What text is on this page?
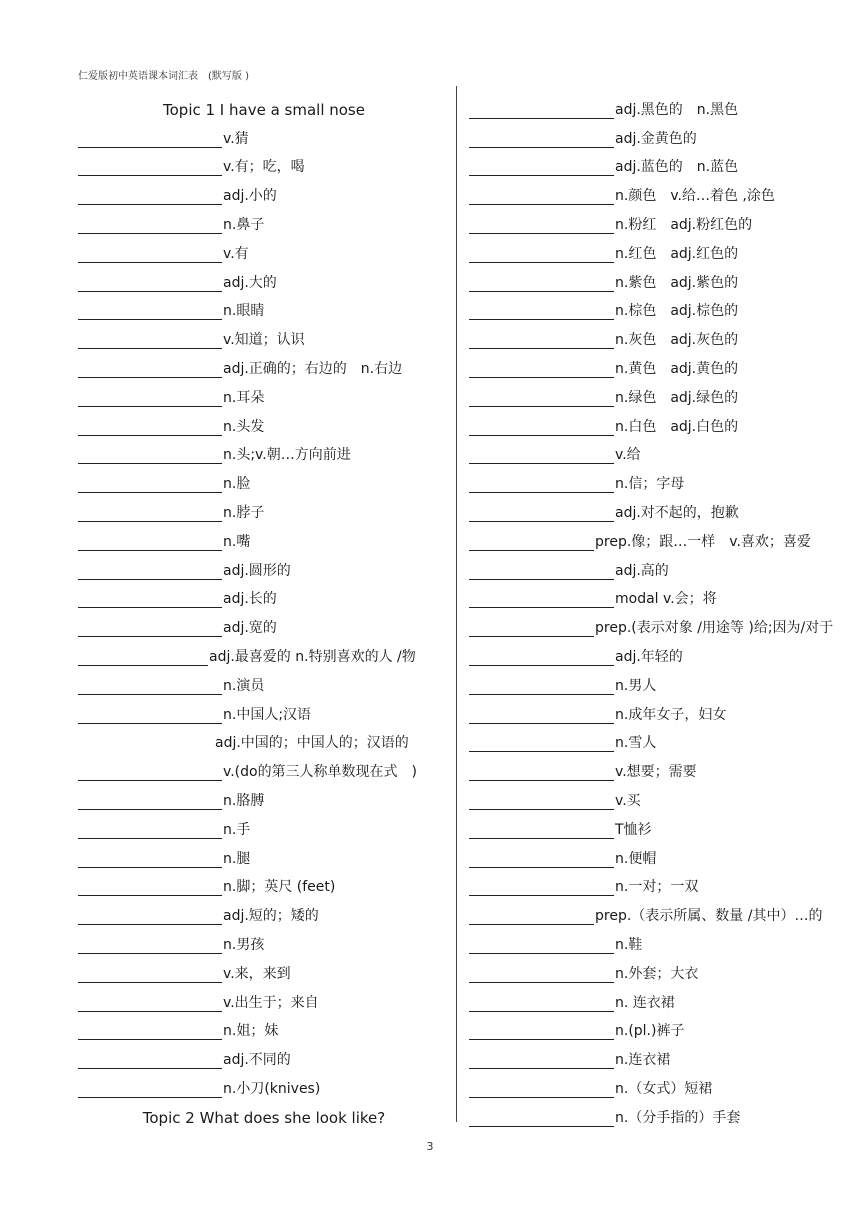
仁爱版初中英语课本词汇表　(默写版 )
Topic 1 I have a small nose
v.猜
v.有；吃，喝
adj.小的
n.鼻子
v.有
adj.大的
n.眼睛
v.知道；认识
adj.正确的；右边的　n.右边
n.耳朵
n.头发
n.头;v.朝…方向前进
n.脸
n.脖子
n.嘴
adj.圆形的
adj.长的
adj.宽的
adj.最喜爱的 n.特别喜欢的人 /物
n.演员
n.中国人;汉语
adj.中国的；中国人的；汉语的
v.(do的第三人称单数现在式　)
n.胳膊
n.手
n.腿
n.脚；英尺 (feet)
adj.短的；矮的
n.男孩
v.来，来到
v.出生于；来自
n.姐；妹
adj.不同的
n.小刀(knives)
Topic 2 What does she look like?
adj.黑色的　n.黑色
adj.金黄色的
adj.蓝色的　n.蓝色
n.颜色　v.给…着色 ,涂色
n.粉红　adj.粉红色的
n.红色　adj.红色的
n.紫色　adj.紫色的
n.棕色　adj.棕色的
n.灰色　adj.灰色的
n.黄色　adj.黄色的
n.绿色　adj.绿色的
n.白色　adj.白色的
v.给
n.信；字母
adj.对不起的，抱歉
prep.像；跟…一样　v.喜欢；喜爱
adj.高的
modal v.会；将
prep.(表示对象 /用途等 )给;因为/对于
adj.年轻的
n.男人
n.成年女子，妇女
n.雪人
v.想要；需要
v.买
T恤衫
n.便帽
n.一对；一双
prep.（表示所属、数量 /其中）…的
n.鞋
n.外套；大衣
n. 连衣裙
n.(pl.)裤子
n.连衣裙
n.（女式）短裙
n.（分手指的）手套
3
